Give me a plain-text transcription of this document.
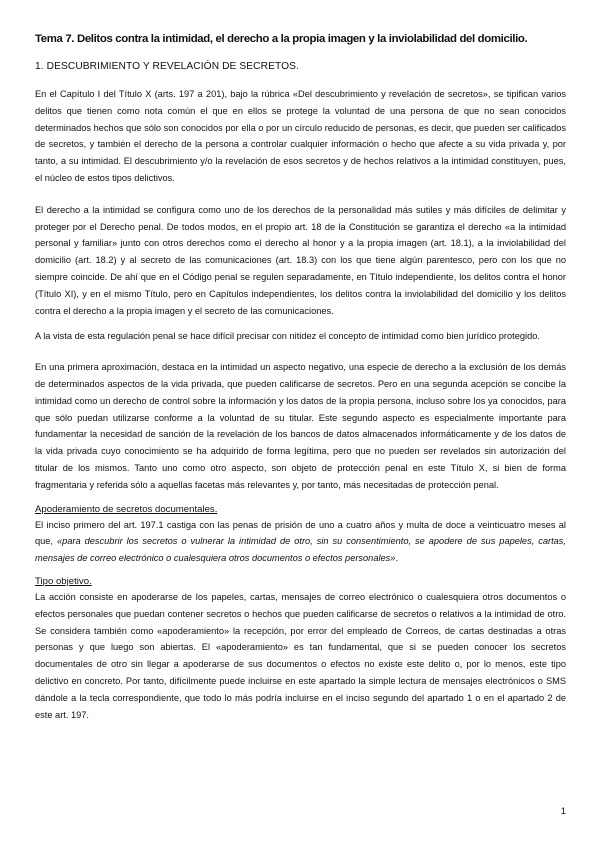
Tema 7. Delitos contra la intimidad, el derecho a la propia imagen y la inviolabilidad del domicilio.
1. DESCUBRIMIENTO Y REVELACIÓN DE SECRETOS.

En el Capítulo I del Título X (arts. 197 a 201), bajo la rúbrica «Del descubrimiento y revelación de secretos», se tipifican varios delitos que tienen como nota común el que en ellos se protege la voluntad de una persona de que no sean conocidos determinados hechos que sólo son conocidos por ella o por un círculo reducido de personas, es decir, que pueden ser calificados de secretos, y también el derecho de la persona a controlar cualquier información o hecho que afecte a su vida privada y, por tanto, a su intimidad. El descubrimiento y/o la revelación de esos secretos y de hechos relativos a la intimidad constituyen, pues, el núcleo de estos tipos delictivos.

El derecho a la intimidad se configura como uno de los derechos de la personalidad más sutiles y más difíciles de delimitar y proteger por el Derecho penal. De todos modos, en el propio art. 18 de la Constitución se garantiza el derecho «a la intimidad personal y familiar» junto con otros derechos como el derecho al honor y a la propia imagen (art. 18.1), a la inviolabilidad del domicilio (art. 18.2) y al secreto de las comunicaciones (art. 18.3) con los que tiene algún parentesco, pero con los que no siempre coincide. De ahí que en el Código penal se regulen separadamente, en Título independiente, los delitos contra el honor (Título XI), y en el mismo Título, pero en Capítulos independientes, los delitos contra la inviolabilidad del domicilio y los delitos contra el derecho a la propia imagen y el secreto de las comunicaciones.

A la vista de esta regulación penal se hace difícil precisar con nitidez el concepto de intimidad como bien jurídico protegido.

En una primera aproximación, destaca en la intimidad un aspecto negativo, una especie de derecho a la exclusión de los demás de determinados aspectos de la vida privada, que pueden calificarse de secretos. Pero en una segunda acepción se concibe la intimidad como un derecho de control sobre la información y los datos de la propia persona, incluso sobre los ya conocidos, para que sólo puedan utilizarse conforme a la voluntad de su titular. Este segundo aspecto es especialmente importante para fundamentar la necesidad de sanción de la revelación de los bancos de datos almacenados informáticamente y de los datos de la vida privada cuyo conocimiento se ha adquirido de forma legítima, pero que no pueden ser revelados sin autorización del titular de los mismos. Tanto uno como otro aspecto, son objeto de protección penal en este Título X, si bien de forma fragmentaria y referida sólo a aquellas facetas más relevantes y, por tanto, más necesitadas de protección penal.

Apoderamiento de secretos documentales.

El inciso primero del art. 197.1 castiga con las penas de prisión de uno a cuatro años y multa de doce a veinticuatro meses al que, «para descubrir los secretos o vulnerar la intimidad de otro, sin su consentimiento, se apodere de sus papeles, cartas, mensajes de correo electrónico o cualesquiera otros documentos o efectos personales».

Tipo objetivo.

La acción consiste en apoderarse de los papeles, cartas, mensajes de correo electrónico o cualesquiera otros documentos o efectos personales que puedan contener secretos o hechos que pueden calificarse de secretos o relativos a la intimidad de otro. Se considera también como «apoderamiento» la recepción, por error del empleado de Correos, de cartas destinadas a otras personas y que luego son abiertas. El «apoderamiento» es tan fundamental, que si se pueden conocer los secretos documentales de otro sin llegar a apoderarse de sus documentos o efectos no existe este delito o, por lo menos, este tipo delictivo en concreto. Por tanto, difícilmente puede incluirse en este apartado la simple lectura de mensajes electrónicos o SMS dándole a la tecla correspondiente, que todo lo más podría incluirse en el inciso segundo del apartado 1 o en el apartado 2 de este art. 197.

1
